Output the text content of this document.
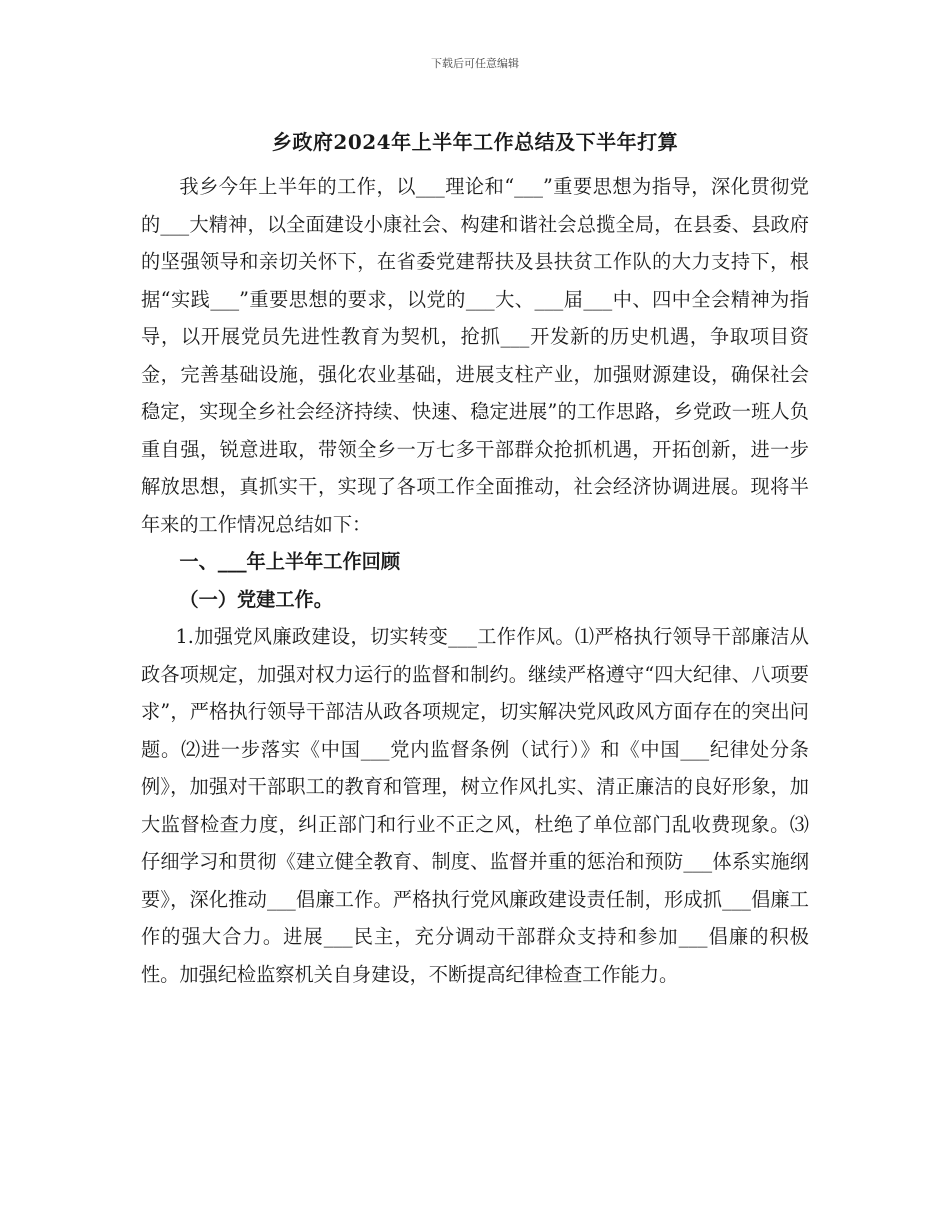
下载后可任意编辑
乡政府2024年上半年工作总结及下半年打算

我乡今年上半年的工作，以___理论和“___”重要思想为指导，深化贯彻党的___大精神，以全面建设小康社会、构建和谐社会总揽全局，在县委、县政府的坚强领导和亲切关怀下，在省委党建帮扶及县扶贫工作队的大力支持下，根据“实践___”重要思想的要求，以党的___大、___届___中、四中全会精神为指导，以开展党员先进性教育为契机，抢抓___开发新的历史机遇，争取项目资金，完善基础设施，强化农业基础，进展支柱产业，加强财源建设，确保社会稳定，实现全乡社会经济持续、快速、稳定进展”的工作思路，乡党政一班人负重自强，锐意进取，带领全乡一万七多干部群众抢抓机遇，开拓创新，进一步解放思想，真抓实干，实现了各项工作全面推动，社会经济协调进展。现将半年来的工作情况总结如下：

一、___年上半年工作回顾

（一）党建工作。

1.加强党风廉政建设，切实转变___工作作风。⑴严格执行领导干部廉洁从政各项规定，加强对权力运行的监督和制约。继续严格遵守“四大纪律、八项要求”，严格执行领导干部洁从政各项规定，切实解决党风政风方面存在的突出问题。⑵进一步落实《中国___党内监督条例（试行）》和《中国___纪律处分条例》，加强对干部职工的教育和管理，树立作风扎实、清正廉洁的良好形象，加大监督检查力度，纠正部门和行业不正之风，杜绝了单位部门乱收费现象。⑶仔细学习和贯彻《建立健全教育、制度、监督并重的惩治和预防___体系实施纲要》，深化推动___倡廉工作。严格执行党风廉政建设责任制，形成抓___倡廉工作的强大合力。进展___民主，充分调动干部群众支持和参加___倡廉的积极性。加强纪检监察机关自身建设，不断提高纪律检查工作能力。
